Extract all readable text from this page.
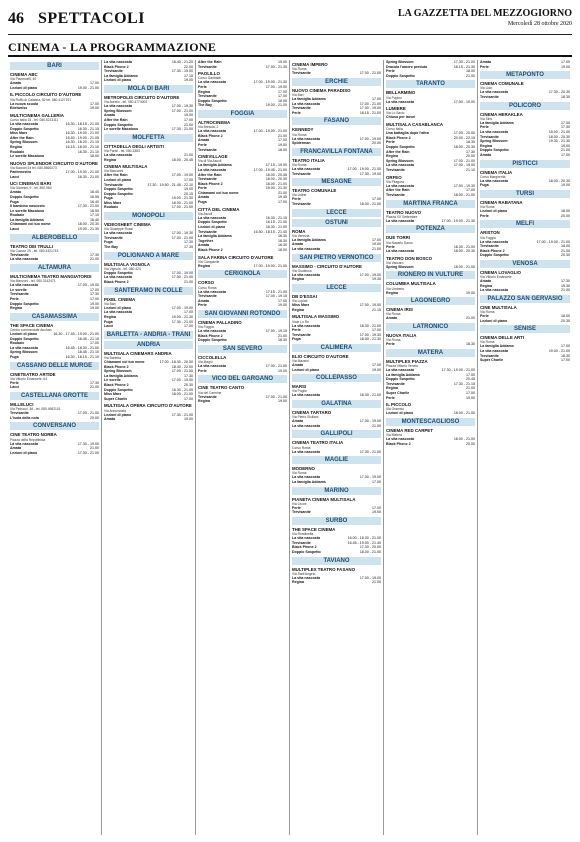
46 SPETTACOLI	LA GAZZETTA DEL MEZZOGIORNO
Mercoledì 28 ottobre 2020
CINEMA - LA PROGRAMMAZIONE
BARI
CINEMA ABC
Via Pavoncelli, 40
Amata	17.00
Lezioni di piano	19.00 - 21.00
IL PICCOLO CIRCUITO D'AUTORE
Via Ruffo di Calabria, 52 tel. 080.4127191
La nuova scuola	17.00
Edelweiss	19.00
MULTICINEMA GALLERIA
Corso Italia 15 - tel. 080.5213111
La vita nascosta	16.30 - 18.15 - 21.00
Doppio Sospetto	16.30 - 21.15
Miss Marx	16.30 - 19.00 - 21.00
After the Rain	16.40 - 19.00 - 21.05
Spring Blossom	16.30 - 18.20 - 21.10
Regina	16.15 - 18.00 - 21.10
Roubaix	16.30 - 21.10
Le sorelle Macaluso	18.00
NUOVO SPLENDOR CIRCUITO D'AUTORE
Via Buccari 24 tel. 080.5560073
Padrenostro	17.00 - 19.00 - 21.00
Lacci	16.30 - 21.00
UCI CINEMAS BARI
Via Giannini, 9 - tel. 892.960
Amata	16.40
Doppio Sospetto	16.55
Fuga	16.40
Il bambino nascosto	17.30 - 21.00
Le sorelle Macaluso	16.50
Roubaix	17.10
La famiglia Addams	16.40
Chiamami col tuo nome	18.00 - 20.30
Lacci	19.00 - 21.30
ALBEROBELLO
TEATRO DEI TRULLI
Via Cavour 25 - tel. 080.4321743
Trevisanite	17.30
La vita nascosta	21.00
ALTAMURA
MULTICINEMA TEATRO MANGIATORDI
Via Manzoni - tel. 080.3142471
La vita nascosta	17.00 - 19.00
Le sorelle	17.00
Trevisanite	17.30
Perle	17.00
Doppio Sospetto	19.00
Regina	19.00
CASAMASSIMA
THE SPACE CINEMA
Centro commerciale Auchan
Lezioni di piano	16.30 - 17.45 - 19.00 - 21.00
Doppio Sospetto	16.45 - 21.15
Roubaix	17.00
La vita nascosta	16.45 - 18.30 - 21.00
Spring Blossom	18.45 - 21.10
Fuga	16.30 - 18.15 - 21.10
CASSANO DELLE MURGE
CINETEATRO ARTIDE
Via Vittorio Emanuele, 64
Perle	17.30
Lacci	21.00
CASTELLANA GROTTE
MILLELUCI
Via Petrucci, 36 - tel. 080.4962101
Trevisanite	17.00 - 21.00
L'isola della noia	20.00
CONVERSANO
CINE TEATRO NORBA
Piazza della Repubblica
La vita nascosta	17.30 - 19.00
Amata	21.00
Lezioni di piano	17.30 - 21.00
La vita nascosta	18.40 - 21.20
Black Phone 2	22.00
Trevisanite	17.30 - 19.00
La famiglia Addams	17.15
Lezioni di piano	19.00
MOLA DI BARI
METROPOLIS CIRCUITO D'AUTORE
Via Aurelio - tel. 080.4774002
La vita nascosta	17.00 - 19.30
Spring Blossom	17.00 - 21.00
Amata	19.00
After the Rain	17.00
Doppio Sospetto	21.00
Le sorelle Macaluso	17.30 - 21.00
MOLFETTA
CITTADELLA DEGLI ARTISTI
Via Parisi - tel. 080.3383
La vita nascosta	21.00
Regina	18.00 - 20.45
CINEMA MULTISALA
Via Baccarini
After the Rain	17.00 - 19.00
Lezioni di piano	17.00
Trevisanite	17.30 - 19.50 - 21.45 - 22.10
Doppio Sospetto	19.00
Doppio Sospetto	20.15
Fuga	19.00 - 21.30
Miss Marx	18.00 - 21.00
Roubaix	17.00 - 21.00
MONOPOLI
VIDEOSHEET CINEMA
Via Giuseppe Rossi
La vita nascosta	17.00 - 19.30
Trevisanite	17.00 - 21.00
Fuga	17.30
The Bay	17.30
POLIGNANO A MARE
MULTISALA VIGNOLA
Via Vignola - tel. 080.424
Doppio Sospetto	17.00 - 19.00
La vita nascosta	17.00 - 21.00
Black Phone 2	21.00
SANTERAMO IN COLLE
PIXEL CINEMA
Via Bari
Lezioni di piano	17.00 - 19.00
La vita nascosta	17.00
Regina	19.00 - 21.30
Fuga	17.30 - 21.00
Lacci	17.00
BARLETTA - ANDRIA - TRANI
ANDRIA
MULTISALA CINEMARS ANDRIA
Via Barletta
Chiamami col tuo nome	17.00 - 18.30 - 20.50
Black Phone 2	18.40 - 22.00
Spring Blossom	17.00 - 21.00
La famiglia Addams	17.30
Le sorelle	17.00 - 19.00
Black Phone 2	20.30
Doppio Sospetto	18.30 - 21.00
Miss Marx	18.00 - 21.00
Super Charlie	17.00
MULTISALA OPERA CIRCUITO D'AUTORE
Via Annunziata
Lezioni di piano	17.30 - 21.00
Amata	19.00
After the Rain	19.00
Trevisanite	17.00 - 21.30
PAOLILLO
Corso Garibaldi
La vita nascosta	17.00 - 19.00 - 21.30
Perle	17.00 - 19.00
Regina	17.00
Trevisanite	17.00
Doppio Sospetto	18.00
The Bay	19.00 - 21.00
FOGGIA
ALTROCINEMA
Via Brescia, 2
La vita nascosta	17.00 - 19.00 - 21.00
Black Phone 2	21.00
Amata	17.00
Perle	19.00
Trevisanite	18.00
CINEVILLAGE
Via di Via Ascoli
La famiglia Addams	17.15 - 19.00
La vita nascosta	17.00 - 19.45 - 21.00
After the Rain	18.00 - 20.45
Trevisanite	18.00 - 20.30
Black Phone 2	18.00 - 21.00
Perle	19.00 - 21.30
Chiamami col tuo nome	21.00
Amata	19.45
Fuga	17.00
CITTÀ DEL CINEMA
Via Ascoli
La vita nascosta	16.30 - 21.15
Doppio Sospetto	16.15 - 21.00
Lezioni di piano	18.30 - 21.00
Trevisanite	16.50 - 18.15 - 21.40
La famiglia Addams	16.30
Together	18.30
Amata	16.30
Black Phone 2	18.00
SALA FARINA CIRCUITO D'AUTORE
Via Campanile
Regina	17.00 - 19.00 - 21.00
CERIGNOLA
CORSO
Corso Roma
La vita nascosta	17.15 - 21.00
Trevisanite	17.00 - 19.15
Amata	17.00
Perle	19.00
SAN GIOVANNI ROTONDO
CINEMA PALLADINO
Via Foggia
La vita nascosta	17.00 - 19.15
Black Phone 2	21.00
Doppio Sospetto	18.30
SAN SEVERO
CICCOLELLA
Via Magni
La vita nascosta	17.00 - 21.00
Perle	19.00
VICO DEL GARGANO
CINE TEATRO CANTO
Via del Carmine
Trevisanite	17.00 - 21.00
Regina	19.00
CINEMA IMPERO
Via Roma
Trevisanite	17.00 - 21.00
ERCHIE
NUOVO CINEMA PARADISO
Via Bari
La famiglia Addams	17.00
La vita nascosta	17.00 - 21.00
Trevisanite	17.00 - 19.00
Perle	18.15 - 21.00
FASANO
KENNEDY
Via Roma
La vita nascosta	17.00 - 19.00
Spiderman	20.00
FRANCAVILLA FONTANA
TEATRO ITALIA
Via Roma
La vita nascosta	17.00 - 19.00 - 21.00
Trevisanite	17.30 - 19.00
MESAGNE
TEATRO COMUNALE
Via Udine
Perle	17.00
Trevisanite	18.00 - 21.00
LECCE
OSTUNI
ROMA
Via Venezia
La famiglia Addams	17.00
Amata	19.00
La vita nascosta	21.00
SAN PIETRO VERNOTICO
MASSIMO - CIRCUITO D'AUTORE
Via Giudecca
La vita nascosta	17.00 - 19.00
Regina	19.30
LECCE
DB D'ESSAI
Via Lupiae
Miss Marx	17.00 - 19.00
Regina	21.15
MULTISALA MASSIMO
Viale Lo Re
La vita nascosta	18.30 - 21.00
Perle	17.00
Trevisanite	17.00 - 19.30
Fuga	18.00 - 21.30
CALIMERA
ELIO CIRCUITO D'AUTORE
Via Mazzini
Amata	17.00
Lezioni di piano	19.00
COLLEPASSO
MARSI
Via Puglie
La vita nascosta	18.30 - 21.00
GALATINA
CINEMA TARTARO
Via Pietro Siciliani
Amata	17.00 - 19.00
La vita nascosta	21.00
GALLIPOLI
CINEMA TEATRO ITALIA
Corso Roma
La vita nascosta	17.30 - 21.00
MAGLIE
MODERNO
Via Roma
La vita nascosta	17.00 - 19.00
La famiglia Addams	17.00
MARINO
PIANETA CINEMA MULTISALA
Via Lecce
Perle	17.00
Trevisanite	19.00
SURBO
THE SPACE CINEMA
Via Rondinella
La vita nascosta	16.00 - 18.30 - 21.00
Trevisanite	16.45 - 19.00 - 21.40
Black Phone 2	17.30 - 20.00
Doppio Sospetto	18.00 - 21.00
TAVIANO
MULTIPLEX TEATRO FASANO
Via Sant'Angelo
La vita nascosta	17.00 - 19.00
Regina	21.00
Spring Blossom	17.30 - 21.00
Dracula l'amore perduto	18.15 - 21.30
Perle	18.00
Doppio Sospetto	21.00
TARANTO
BELLARMINO
Via Pupino
La vita nascosta	17.00 - 19.00
LUMIERE
Via Lo Savio
Chiuso per lavori
MULTISALA CASABLANCA
Corso Italia
Una battaglia dopo l'altra	17.00 - 20.00
Black Phone 2	20.00 - 22.15
Perle	18.30
Doppio Sospetto	18.00 - 20.30
After the Rain	17.30
Regina	20.00
Spring Blossom	17.00 - 21.00
La vita nascosta	17.00 - 19.00
Trevisanite	21.10
ORFEO
Via Pitagora
La vita nascosta	17.00 - 19.30
After the Rain	17.00
Trevisanite	18.00 - 21.00
MARTINA FRANCA
TEATRO NUOVO
Piazza XX Settembre
La vita nascosta	17.00 - 19.00 - 21.30
POTENZA
DUE TORRI
Via Nazario Sauro
Perle	18.30 - 21.00
La vita nascosta	18.00 - 20.30
TEATRO DON BOSCO
Via Vaccaro
Spring Blossom	18.00 - 21.00
RIONERO IN VULTURE
COLUMBIA MULTISALA
Via Umberto
Regina	19.00
LAGONEGRO
CINEMA IRIS
Via Roma
Amata	21.00
LATRONICO
NUOVA ITALIA
Via Roma
Perle	18.30
MATERA
MULTIPLEX PIAZZA
Piazza Vittorio Veneto
La vita nascosta	17.30 - 19.00 - 21.00
La famiglia Addams	17.00
Doppio Sospetto	20.45
Trevisanite	17.30 - 21.15
Regina	21.00
Super Charlie	17.00
Perle	19.00
IL PICCOLO
Via Gramsci
Lezioni di piano	18.00 - 21.00
MONTESCAGLIOSO
CINEMA RED CARPET
Via Matera
La vita nascosta	18.00 - 21.00
Black Phone 2	20.00
Amata	17.00
Perle	19.00
METAPONTO
CINEMA COMUNALE
Via Lido
La vita nascosta	17.30 - 20.30
Trevisanite	18.30
POLICORO
CINEMA HERAKLEA
Via Siris
La famiglia Addams	17.00
Perle	17.30
La vita nascosta	19.00 - 21.00
Trevisanite	18.00 - 20.30
Spring Blossom	19.30 - 21.30
Regina	19.00
Doppio Sospetto	21.00
Amata	17.00
PISTICCI
CINEMA ITALIA
Corso Margherita
La vita nascosta	18.00 - 20.30
Fuga	19.00
TURSI
CINEMA RABATANA
Via Roma
Lezioni di piano	18.00
Perle	20.00
MELFI
ARISTON
Via Foggia
La vita nascosta	17.00 - 19.00 - 21.00
Trevisanite	18.00
Black Phone 2	21.00
Doppio Sospetto	20.30
VENOSA
CINEMA LOVAGLIO
Via Vittorio Emanuele
Amata	17.30
Regina	19.30
La vita nascosta	21.00
PALAZZO SAN GERVASIO
CINE MULTISALA
Via Roma
Perle	18.00
Lezioni di piano	20.30
SENISE
CINEMA DELLE ARTI
Via Roma
La famiglia Addams	17.00
La vita nascosta	19.00 - 21.00
Trevisanite	18.30
Super Charlie	17.00
